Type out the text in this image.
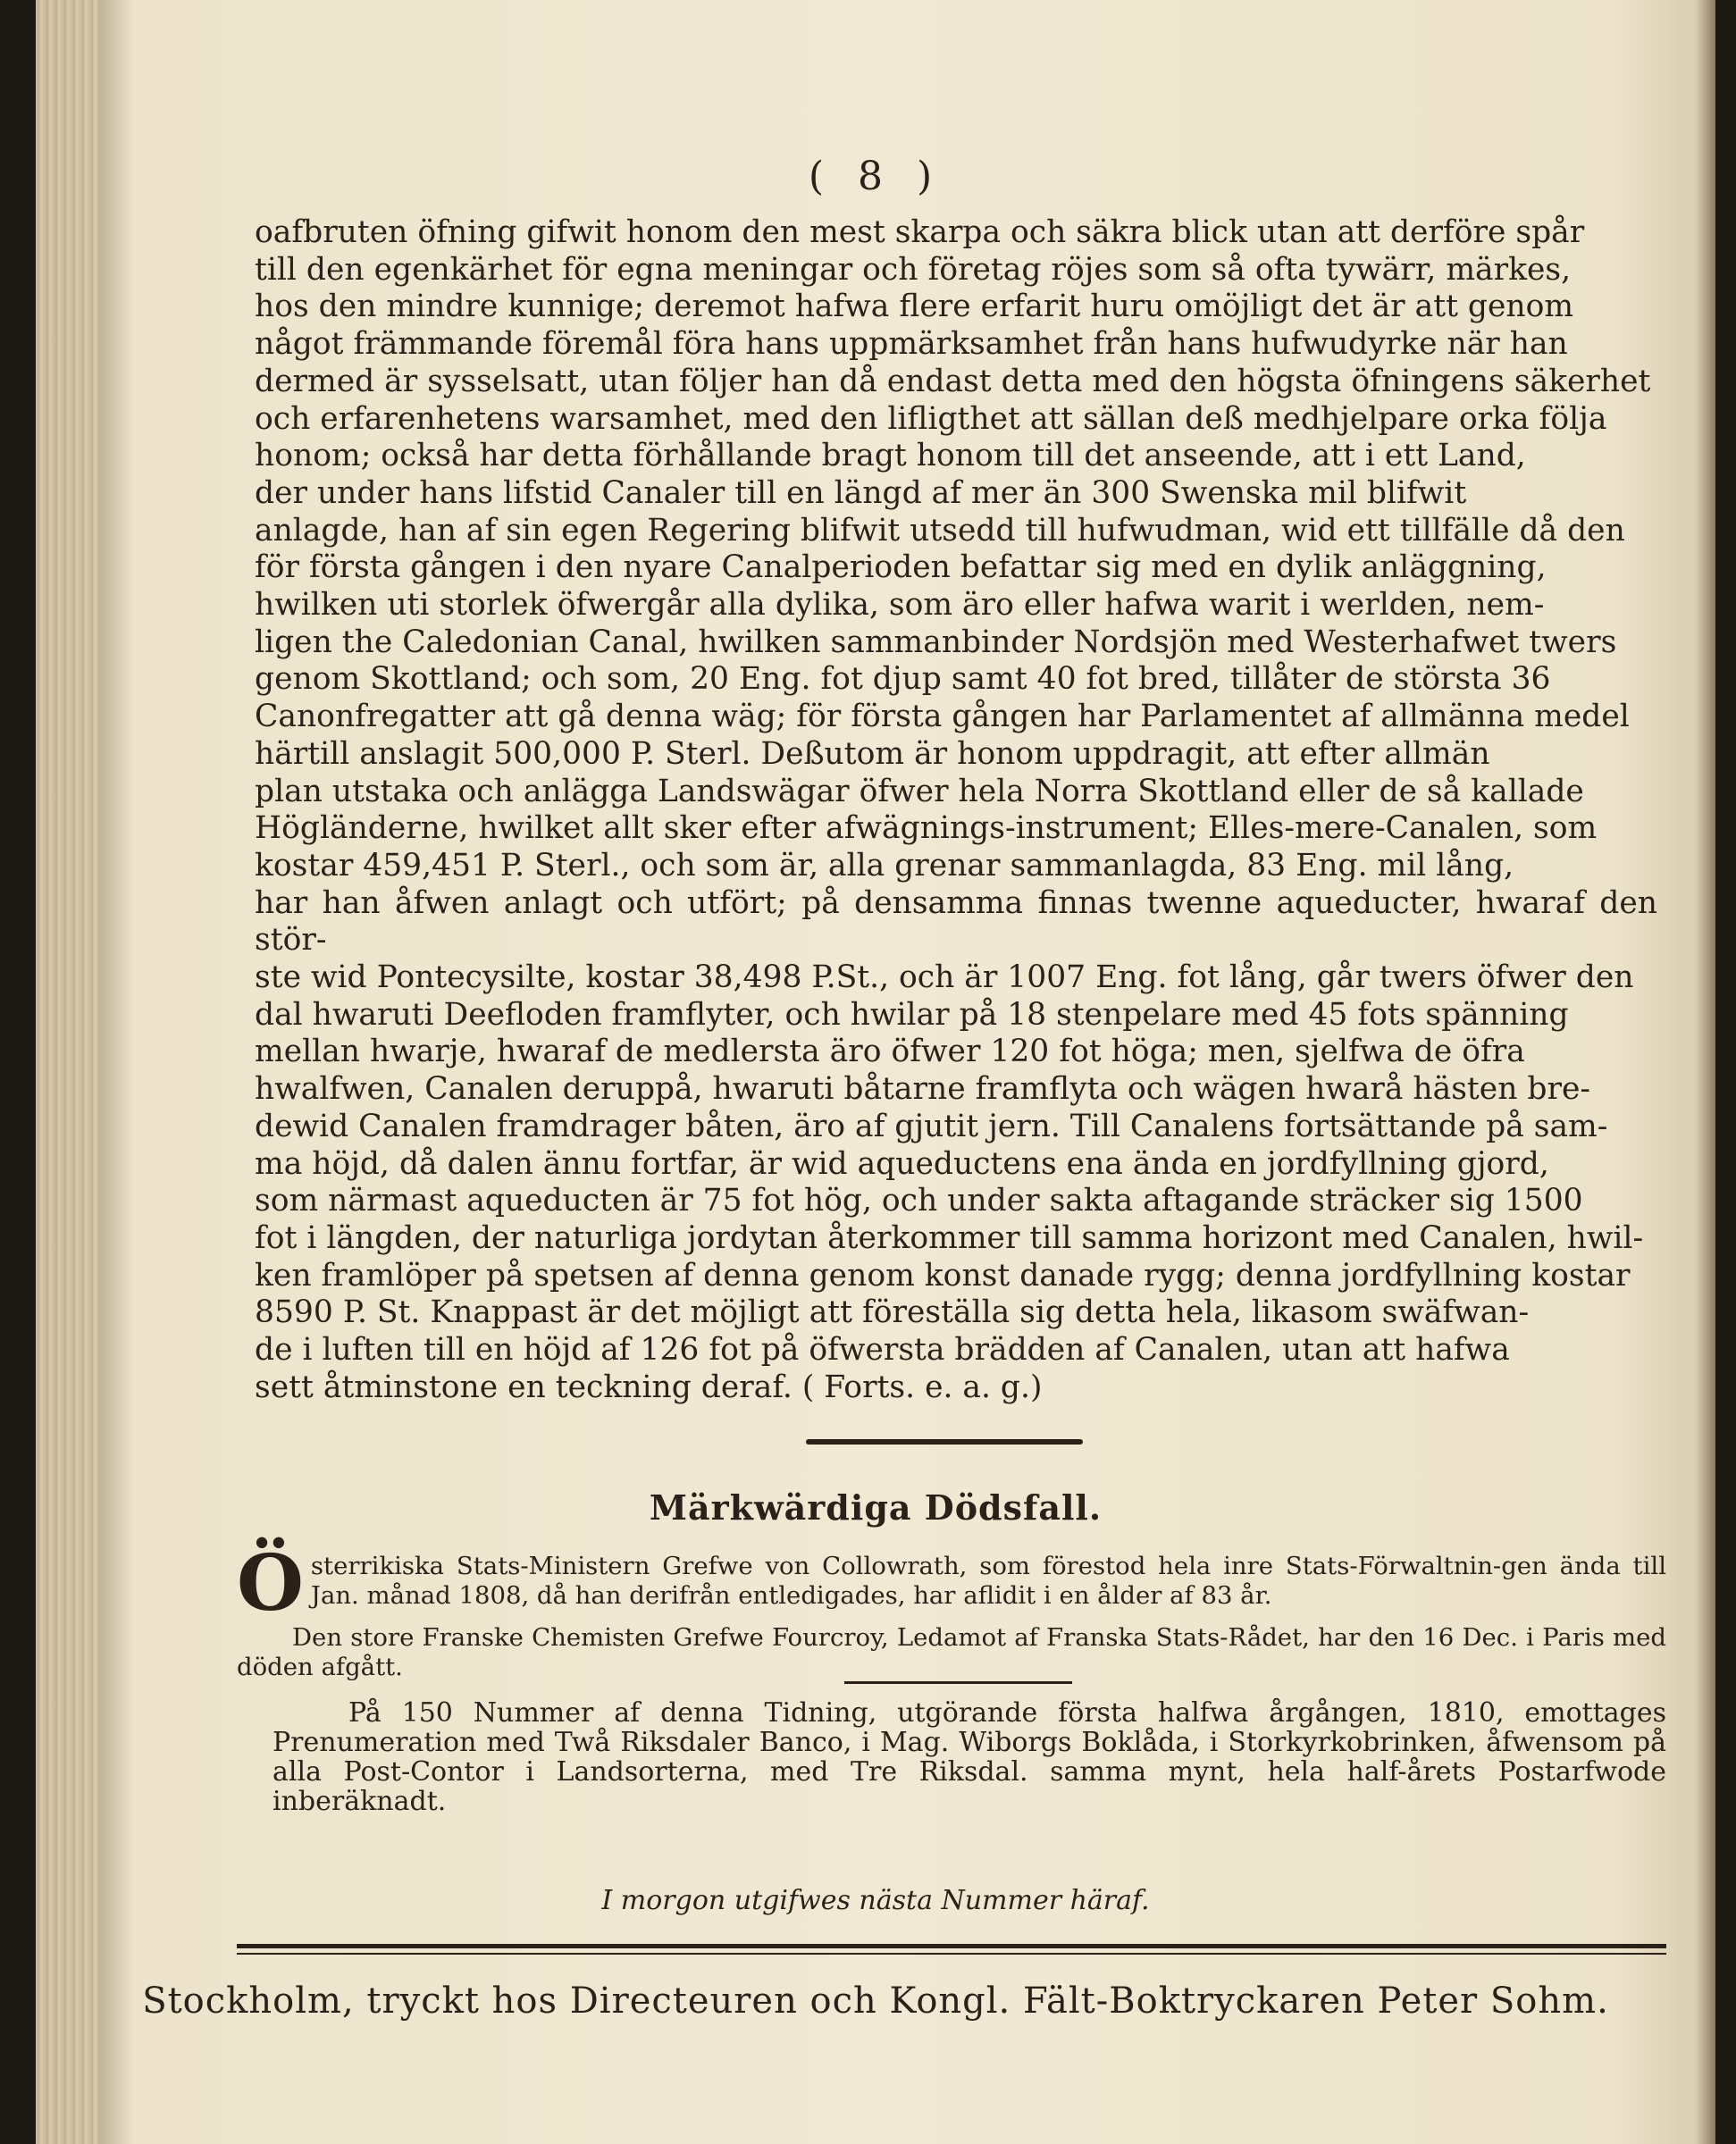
( 8 )
oafbruten öfning gifwit honom den mest skarpa och säkra blick utan att derföre spår
till den egenkärhet för egna meningar och företag röjes som så ofta tywärr, märkes,
hos den mindre kunnige; deremot hafwa flere erfarit huru omöjligt det är att genom
något främmande föremål föra hans uppmärksamhet från hans hufwudyrke när han
dermed är sysselsatt, utan följer han då endast detta med den högsta öfningens säkerhet
och erfarenhetens warsamhet, med den lifligthet att sällan deß medhjelpare orka följa
honom; också har detta förhållande bragt honom till det anseende, att i ett Land,
der under hans lifstid Canaler till en längd af mer än 300 Swenska mil blifwit
anlagde, han af sin egen Regering blifwit utsedd till hufwudman, wid ett tillfälle då den
för första gången i den nyare Canalperioden befattar sig med en dylik anläggning,
hwilken uti storlek öfwergår alla dylika, som äro eller hafwa warit i werlden, nem-
ligen the Caledonian Canal, hwilken sammanbinder Nordsjön med Westerhafwet twers
genom Skottland; och som, 20 Eng. fot djup samt 40 fot bred, tillåter de största 36
Canonfregatter att gå denna wäg; för första gången har Parlamentet af allmänna medel
härtill anslagit 500,000 P. Sterl. Deßutom är honom uppdragit, att efter allmän
plan utstaka och anlägga Landswägar öfwer hela Norra Skottland eller de så kallade
Högländerne, hwilket allt sker efter afwägnings-instrument; Elles-mere-Canalen, som
kostar 459,451 P. Sterl., och som är, alla grenar sammanlagda, 83 Eng. mil lång,
har han åfwen anlagt och utfört; på densamma finnas twenne aqueducter, hwaraf den stör-
ste wid Pontecysilte, kostar 38,498 P.St., och är 1007 Eng. fot lång, går twers öfwer den
dal hwaruti Deefloden framflyter, och hwilar på 18 stenpelare med 45 fots spänning
mellan hwarje, hwaraf de medlersta äro öfwer 120 fot höga; men, sjelfwa de öfra
hwalfwen, Canalen deruppå, hwaruti båtarne framflyta och wägen hwarå hästen bre-
dewid Canalen framdrager båten, äro af gjutit jern. Till Canalens fortsättande på sam-
ma höjd, då dalen ännu fortfar, är wid aqueductens ena ända en jordfyllning gjord,
som närmast aqueducten är 75 fot hög, och under sakta aftagande sträcker sig 1500
fot i längden, der naturliga jordytan återkommer till samma horizont med Canalen, hwil-
ken framlöper på spetsen af denna genom konst danade rygg; denna jordfyllning kostar
8590 P. St. Knappast är det möjligt att föreställa sig detta hela, likasom swäfwan-
de i luften till en höjd af 126 fot på öfwersta brädden af Canalen, utan att hafwa
sett åtminstone en teckning deraf. ( Forts. e. a. g.)
Märkwärdiga Dödsfall.
Österrikiska Stats-Ministern Grefwe von Collowrath, som förestod hela inre Stats-Förwaltnin-gen ända till Jan. månad 1808, då han derifrån entledigades, har aflidit i en ålder af 83 år.
Den store Franske Chemisten Grefwe Fourcroy, Ledamot af Franska Stats-Rådet, har den 16 Dec. i Paris med döden afgått.
På 150 Nummer af denna Tidning, utgörande första halfwa årgången, 1810, emottages Prenumeration med Twå Riksdaler Banco, i Mag. Wiborgs Boklåda, i Storkyrkobrinken, åfwensom på alla Post-Contor i Landsorterna, med Tre Riksdal. samma mynt, hela half-årets Postarfwode inberäknadt.
I morgon utgifwes nästa Nummer häraf.
Stockholm, tryckt hos Directeuren och Kongl. Fält-Boktryckaren Peter Sohm.
